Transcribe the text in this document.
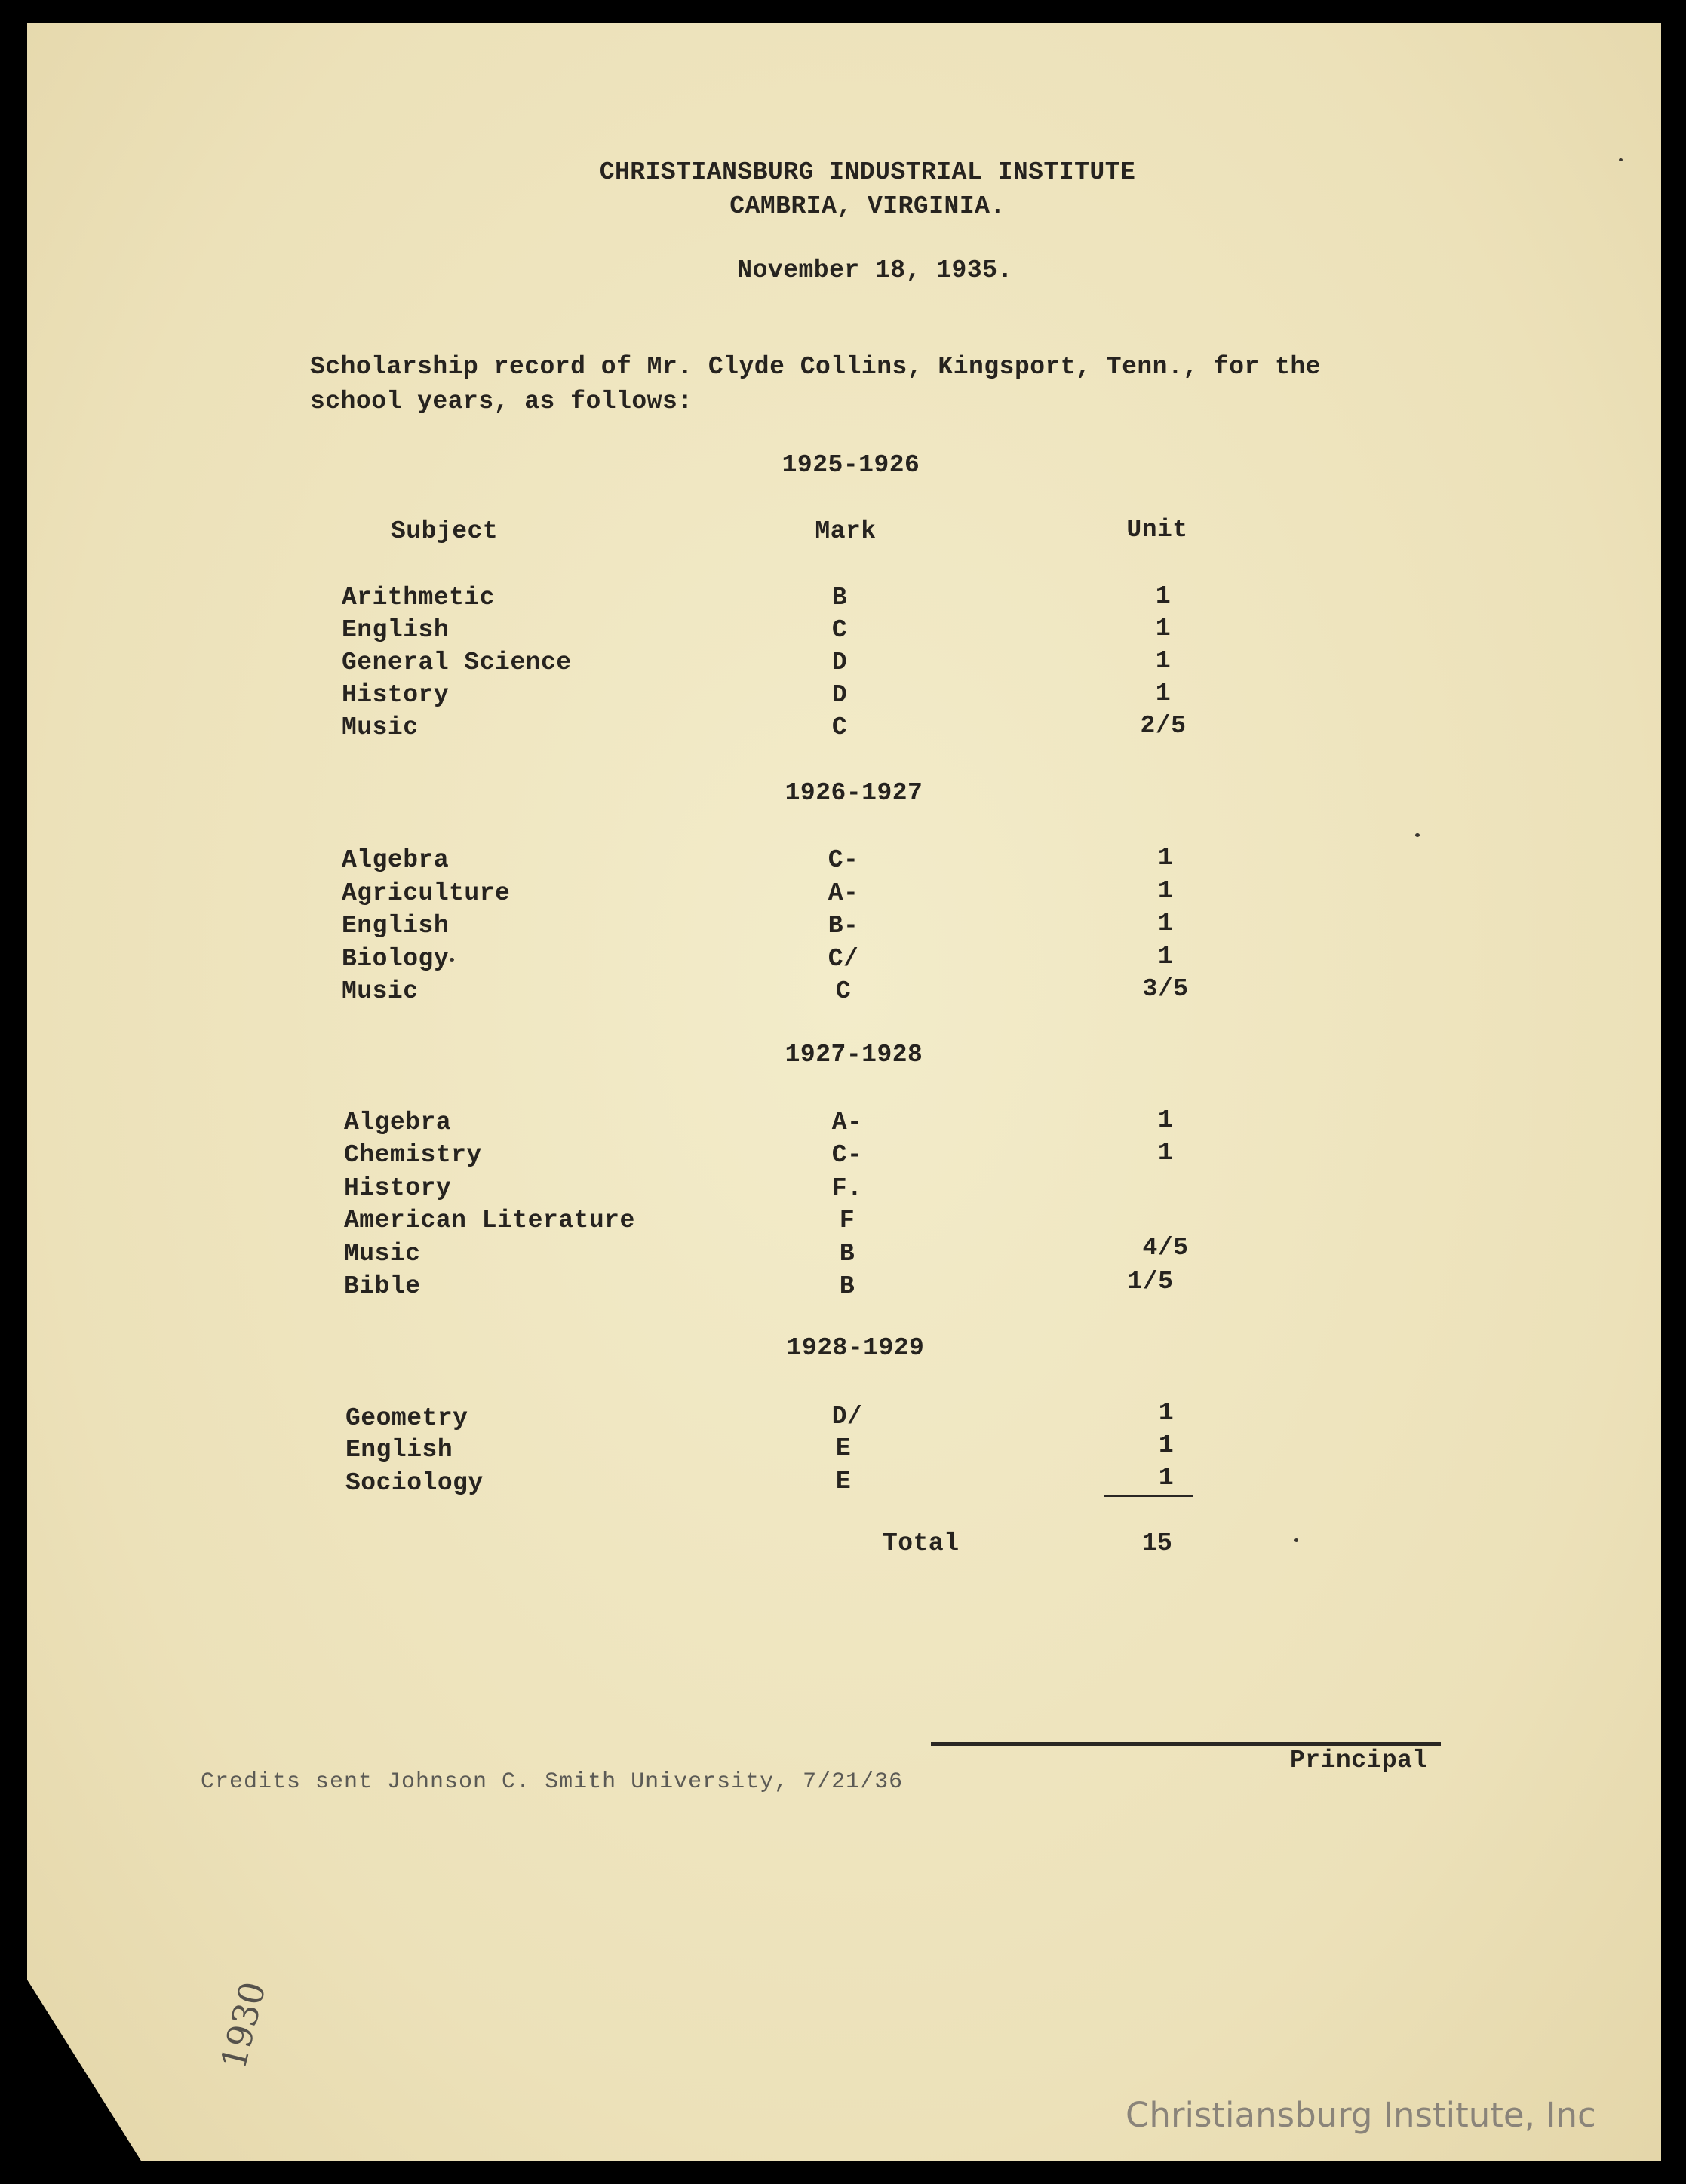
CHRISTIANSBURG INDUSTRIAL INSTITUTE

CAMBRIA, VIRGINIA.

November 18, 1935.

Scholarship record of Mr. Clyde Collins, Kingsport, Tenn., for the

school years, as follows:

1925-1926

Subject	Mark	Unit

Arithmetic	B	1

English	C	1

General Science	D	1

History	D	1

Music	C	2/5

1926-1927

Algebra	C-	1

Agriculture	A-	1

English	B-	1

Biology	C/	1

Music	C	3/5

1927-1928

Algebra	A-	1

Chemistry	C-	1

History	F.

American Literature	F

Music	B	4/5

Bible	B	1/5

1928-1929

Geometry	D/	1

English	E	1

Sociology	E	1

Total	15

Principal

Credits sent Johnson C. Smith University, 7/21/36

1930

Christiansburg Institute, Inc
